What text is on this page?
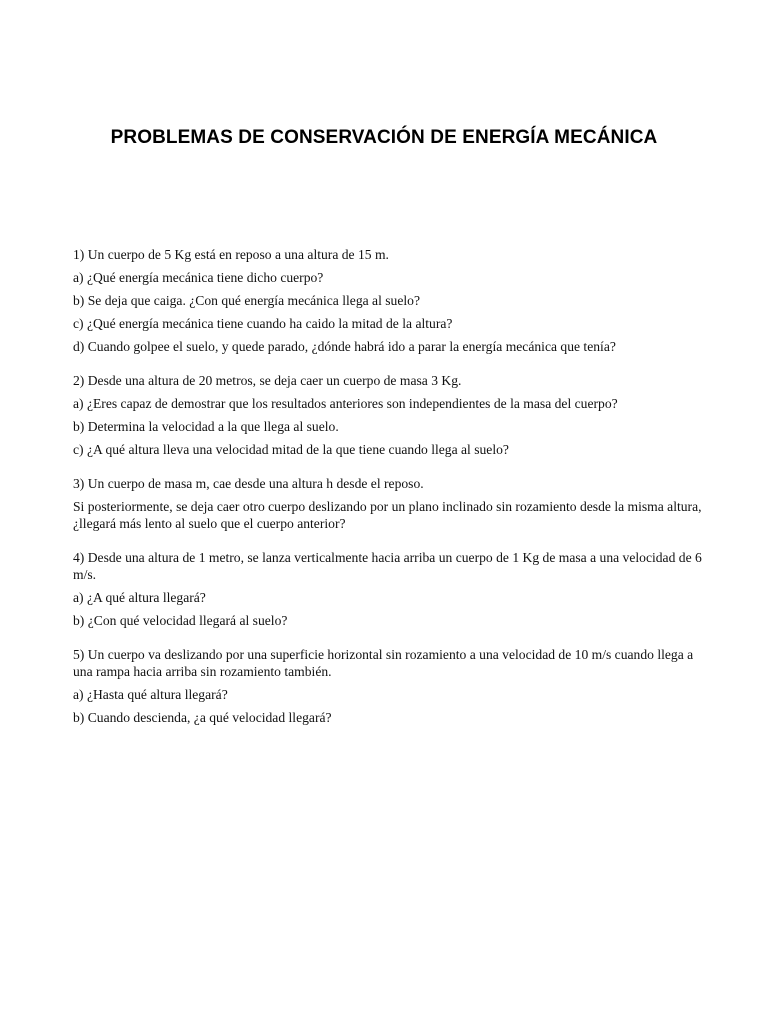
PROBLEMAS DE CONSERVACIÓN DE ENERGÍA MECÁNICA

1) Un cuerpo de 5 Kg está en reposo a una altura de 15 m.

a) ¿Qué energía mecánica tiene dicho cuerpo?

b) Se deja que caiga. ¿Con qué energía mecánica llega al suelo?

c) ¿Qué energía mecánica tiene cuando ha caido la mitad de la altura?

d) Cuando golpee el suelo, y quede parado, ¿dónde habrá ido a parar la energía mecánica que tenía?

2) Desde una altura de 20 metros, se deja caer un cuerpo de masa 3 Kg.

a) ¿Eres capaz de demostrar que los resultados anteriores son independientes de la masa del cuerpo?

b) Determina la velocidad a la que llega al suelo.

c) ¿A qué altura lleva una velocidad mitad de la que tiene cuando llega al suelo?

3) Un cuerpo de masa m, cae desde una altura h desde el reposo.

Si posteriormente, se deja caer otro cuerpo deslizando por un plano inclinado sin rozamiento desde la misma altura, ¿llegará más lento al suelo que el cuerpo anterior?

4) Desde una altura de 1 metro, se lanza verticalmente hacia arriba un cuerpo de 1 Kg de masa a una velocidad de 6 m/s.

a) ¿A qué altura llegará?

b) ¿Con qué velocidad llegará al suelo?

5) Un cuerpo va deslizando por una superficie horizontal sin rozamiento a una velocidad de 10 m/s cuando llega a una rampa hacia arriba sin rozamiento también.

a) ¿Hasta qué altura llegará?

b) Cuando descienda, ¿a qué velocidad llegará?
